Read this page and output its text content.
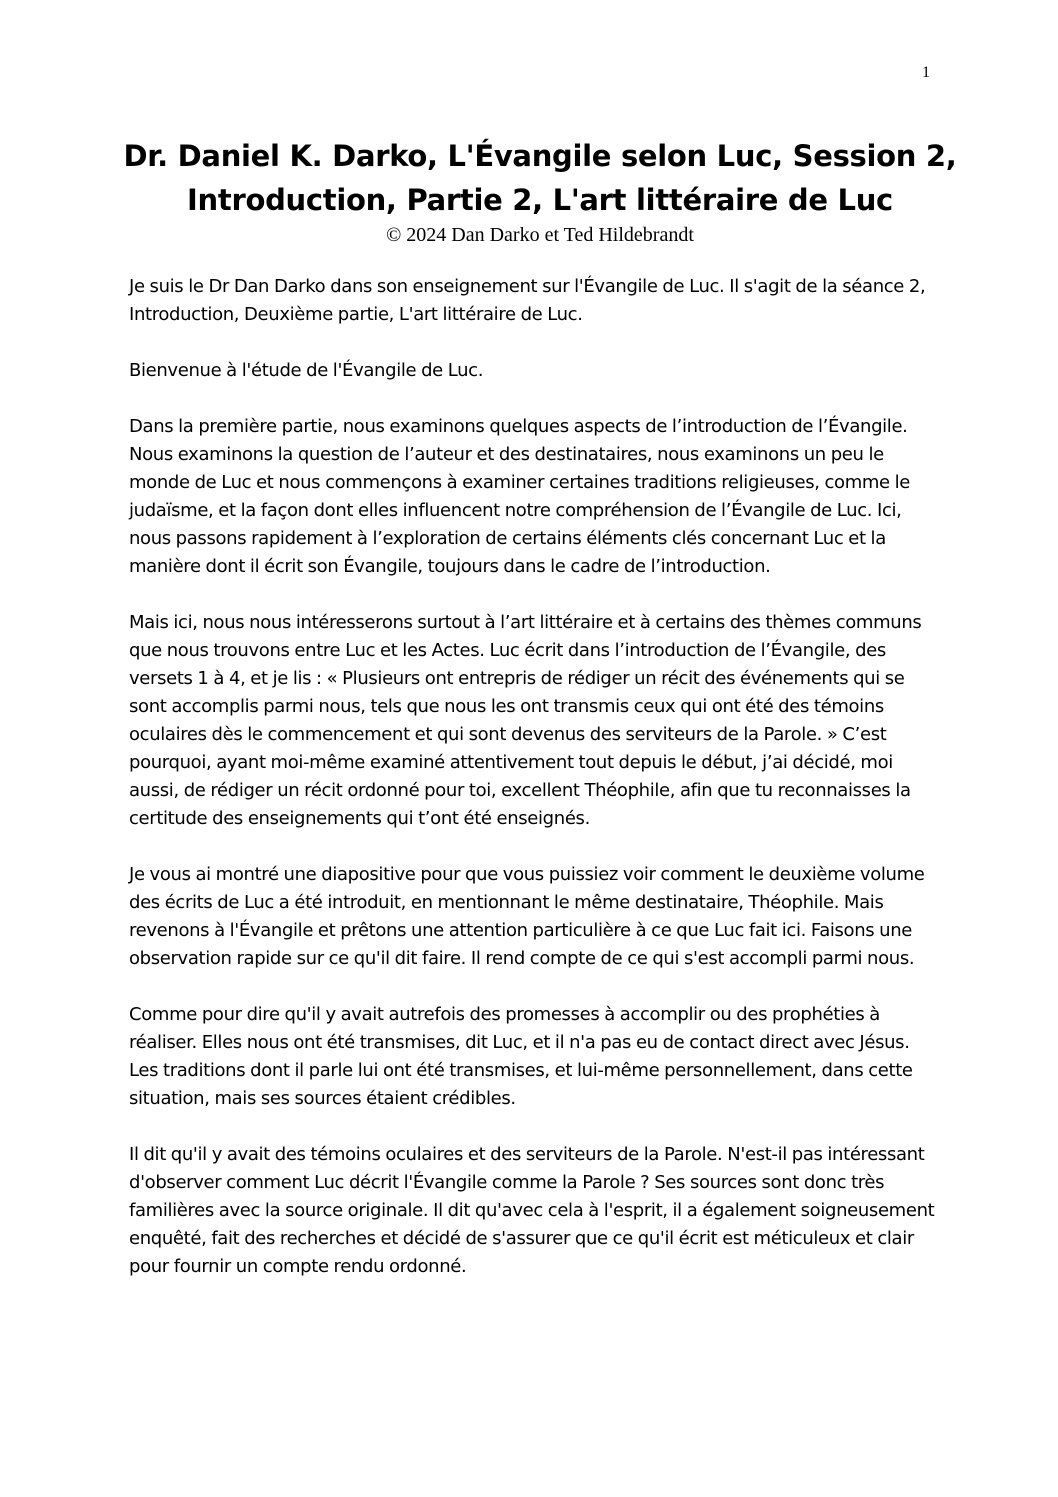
1
Dr. Daniel K. Darko, L'Évangile selon Luc, Session 2, Introduction, Partie 2, L'art littéraire de Luc
© 2024 Dan Darko et Ted Hildebrandt

Je suis le Dr Dan Darko dans son enseignement sur l'Évangile de Luc. Il s'agit de la séance 2, Introduction, Deuxième partie, L'art littéraire de Luc.

Bienvenue à l'étude de l'Évangile de Luc.

Dans la première partie, nous examinons quelques aspects de l’introduction de l’Évangile. Nous examinons la question de l’auteur et des destinataires, nous examinons un peu le monde de Luc et nous commençons à examiner certaines traditions religieuses, comme le judaïsme, et la façon dont elles influencent notre compréhension de l’Évangile de Luc. Ici, nous passons rapidement à l’exploration de certains éléments clés concernant Luc et la manière dont il écrit son Évangile, toujours dans le cadre de l’introduction.

Mais ici, nous nous intéresserons surtout à l’art littéraire et à certains des thèmes communs que nous trouvons entre Luc et les Actes. Luc écrit dans l’introduction de l’Évangile, des versets 1 à 4, et je lis : « Plusieurs ont entrepris de rédiger un récit des événements qui se sont accomplis parmi nous, tels que nous les ont transmis ceux qui ont été des témoins oculaires dès le commencement et qui sont devenus des serviteurs de la Parole. » C’est pourquoi, ayant moi-même examiné attentivement tout depuis le début, j’ai décidé, moi aussi, de rédiger un récit ordonné pour toi, excellent Théophile, afin que tu reconnaisses la certitude des enseignements qui t’ont été enseignés.

Je vous ai montré une diapositive pour que vous puissiez voir comment le deuxième volume des écrits de Luc a été introduit, en mentionnant le même destinataire, Théophile. Mais revenons à l'Évangile et prêtons une attention particulière à ce que Luc fait ici. Faisons une observation rapide sur ce qu'il dit faire. Il rend compte de ce qui s'est accompli parmi nous.

Comme pour dire qu'il y avait autrefois des promesses à accomplir ou des prophéties à réaliser. Elles nous ont été transmises, dit Luc, et il n'a pas eu de contact direct avec Jésus. Les traditions dont il parle lui ont été transmises, et lui-même personnellement, dans cette situation, mais ses sources étaient crédibles.

Il dit qu'il y avait des témoins oculaires et des serviteurs de la Parole. N'est-il pas intéressant d'observer comment Luc décrit l'Évangile comme la Parole ? Ses sources sont donc très familières avec la source originale. Il dit qu'avec cela à l'esprit, il a également soigneusement enquêté, fait des recherches et décidé de s'assurer que ce qu'il écrit est méticuleux et clair pour fournir un compte rendu ordonné.
